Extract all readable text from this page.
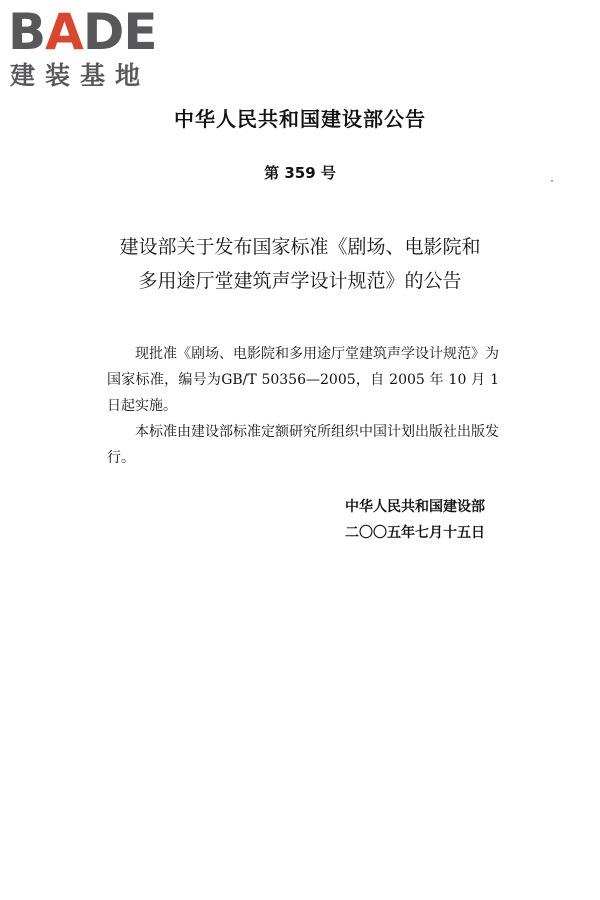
BADE
建装基地
中华人民共和国建设部公告
第 359 号
建设部关于发布国家标准《剧场、电影院和
多用途厅堂建筑声学设计规范》的公告

现批准《剧场、电影院和多用途厅堂建筑声学设计规范》为国家标准，编号为GB/T 50356—2005，自 2005 年 10 月 1 日起实施。

本标准由建设部标准定额研究所组织中国计划出版社出版发行。

中华人民共和国建设部
二〇〇五年七月十五日
